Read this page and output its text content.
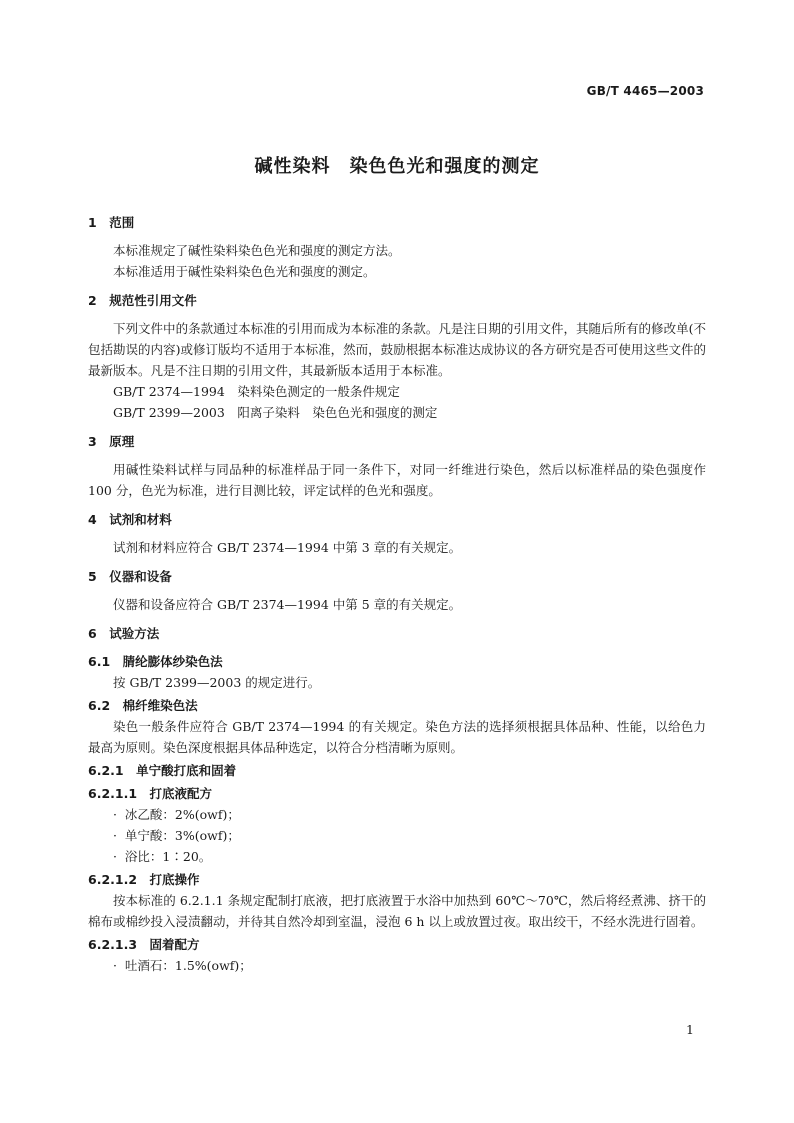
GB/T 4465—2003
碱性染料　染色色光和强度的测定

1　范围

本标准规定了碱性染料染色色光和强度的测定方法。

本标准适用于碱性染料染色色光和强度的测定。

2　规范性引用文件

下列文件中的条款通过本标准的引用而成为本标准的条款。凡是注日期的引用文件，其随后所有的修改单(不包括勘误的内容)或修订版均不适用于本标准，然而，鼓励根据本标准达成协议的各方研究是否可使用这些文件的最新版本。凡是不注日期的引用文件，其最新版本适用于本标准。

GB/T 2374—1994　染料染色测定的一般条件规定

GB/T 2399—2003　阳离子染料　染色色光和强度的测定

3　原理

用碱性染料试样与同品种的标准样品于同一条件下，对同一纤维进行染色，然后以标准样品的染色强度作 100 分，色光为标准，进行目测比较，评定试样的色光和强度。

4　试剂和材料

试剂和材料应符合 GB/T 2374—1994 中第 3 章的有关规定。

5　仪器和设备

仪器和设备应符合 GB/T 2374—1994 中第 5 章的有关规定。

6　试验方法

6.1　腈纶膨体纱染色法

按 GB/T 2399—2003 的规定进行。

6.2　棉纤维染色法

染色一般条件应符合 GB/T 2374—1994 的有关规定。染色方法的选择须根据具体品种、性能，以给色力最高为原则。染色深度根据具体品种选定，以符合分档清晰为原则。

6.2.1　单宁酸打底和固着

6.2.1.1　打底液配方

·  冰乙酸：2%(owf)；

·  单宁酸：3%(owf)；

·  浴比：1∶20。

6.2.1.2　打底操作

按本标准的 6.2.1.1 条规定配制打底液，把打底液置于水浴中加热到 60℃～70℃，然后将经煮沸、挤干的棉布或棉纱投入浸渍翻动，并待其自然冷却到室温，浸泡 6 h 以上或放置过夜。取出绞干，不经水洗进行固着。

6.2.1.3　固着配方

·  吐酒石：1.5%(owf)；

1
